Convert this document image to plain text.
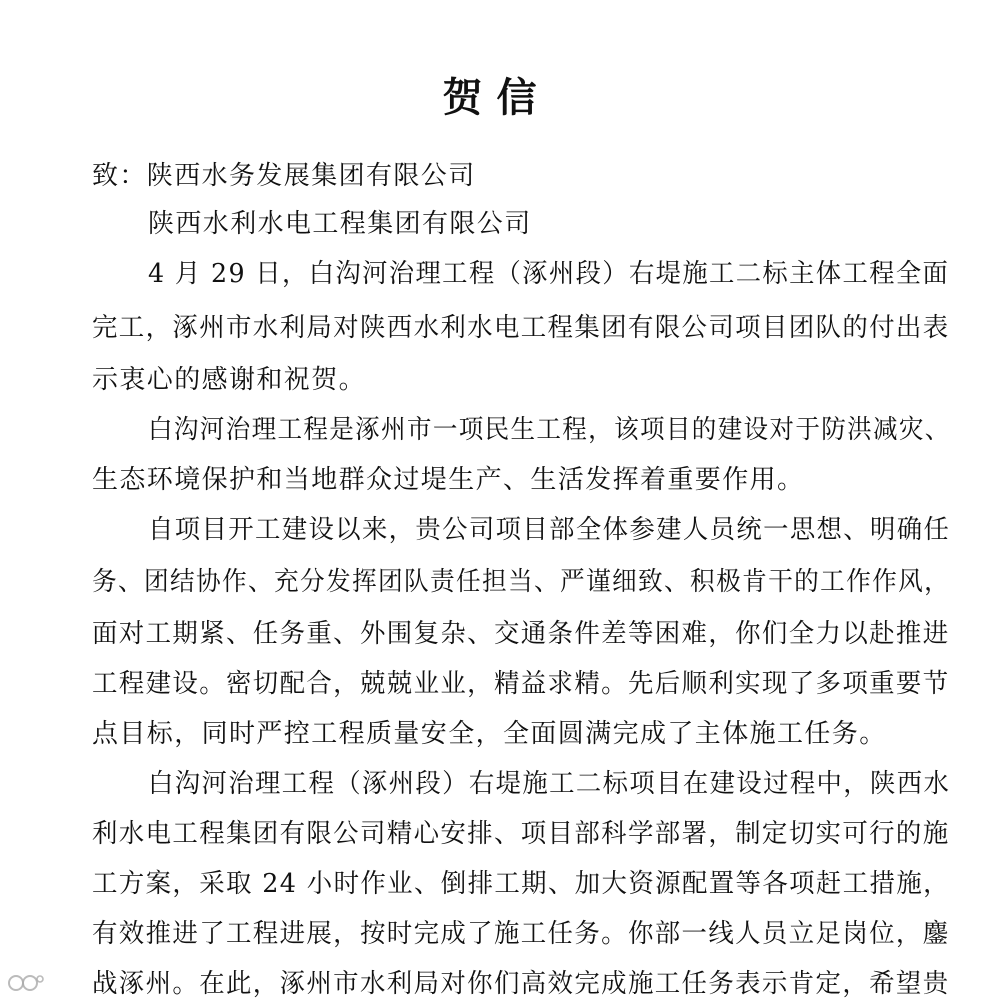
贺信
致：陕西水务发展集团有限公司
陕西水利水电工程集团有限公司
4 月 29 日，白沟河治理工程（涿州段）右堤施工二标主体工程全面
完工，涿州市水利局对陕西水利水电工程集团有限公司项目团队的付出表
示衷心的感谢和祝贺。
白沟河治理工程是涿州市一项民生工程，该项目的建设对于防洪减灾、
生态环境保护和当地群众过堤生产、生活发挥着重要作用。
自项目开工建设以来，贵公司项目部全体参建人员统一思想、明确任
务、团结协作、充分发挥团队责任担当、严谨细致、积极肯干的工作作风，
面对工期紧、任务重、外围复杂、交通条件差等困难，你们全力以赴推进
工程建设。密切配合，兢兢业业，精益求精。先后顺利实现了多项重要节
点目标，同时严控工程质量安全，全面圆满完成了主体施工任务。
白沟河治理工程（涿州段）右堤施工二标项目在建设过程中，陕西水
利水电工程集团有限公司精心安排、项目部科学部署，制定切实可行的施
工方案，采取 24 小时作业、倒排工期、加大资源配置等各项赶工措施，
有效推进了工程进展，按时完成了施工任务。你部一线人员立足岗位，鏖
战涿州。在此，涿州市水利局对你们高效完成施工任务表示肯定，希望贵
